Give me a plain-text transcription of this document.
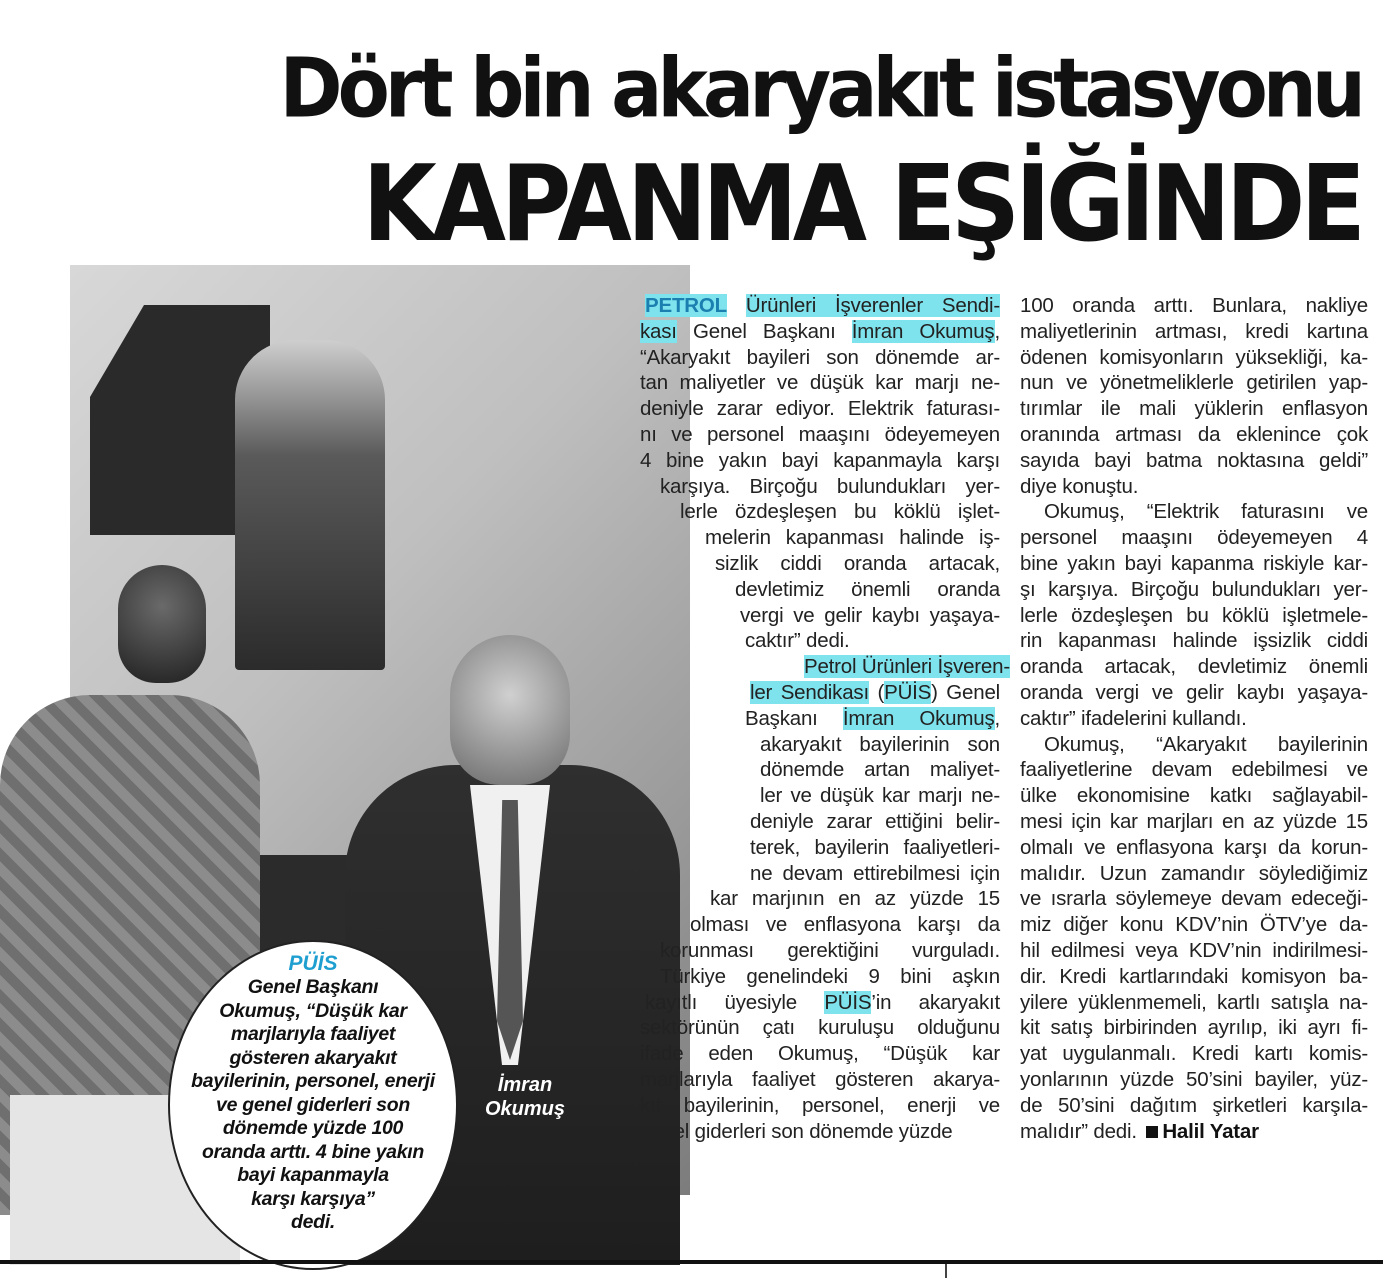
Dört bin akaryakıt istasyonu
KAPANMA EŞİĞİNDE
İmran
Okumuş
PÜİS
Genel Başkanı
Okumuş, “Düşük kar
marjlarıyla faaliyet
gösteren akaryakıt
bayilerinin, personel, enerji
ve genel giderleri son
dönemde yüzde 100
oranda arttı. 4 bine yakın
bayi kapanmayla
karşı karşıya”
dedi.
PETROL Ürünleri İşverenler Sendi-
kası Genel Başkanı İmran Okumuş,
“Akaryakıt bayileri son dönemde ar-
tan maliyetler ve düşük kar marjı ne-
deniyle zarar ediyor. Elektrik faturası-
nı ve personel maaşını ödeyemeyen
4 bine yakın bayi kapanmayla karşı
karşıya. Birçoğu bulundukları yer-
lerle özdeşleşen bu köklü işlet-
melerin kapanması halinde iş-
sizlik ciddi oranda artacak,
devletimiz önemli oranda
vergi ve gelir kaybı yaşaya-
caktır” dedi.
Petrol Ürünleri İşveren-
ler Sendikası (PÜİS) Genel
Başkanı İmran Okumuş,
akaryakıt bayilerinin son
dönemde artan maliyet-
ler ve düşük kar marjı ne-
deniyle zarar ettiğini belir-
terek, bayilerin faaliyetleri-
ne devam ettirebilmesi için
kar marjının en az yüzde 15
olması ve enflasyona karşı da
korunması gerektiğini vurguladı.
Türkiye genelindeki 9 bini aşkın
kayıtlı üyesiyle PÜİS’in akaryakıt
sektörünün çatı kuruluşu olduğunu
ifade eden Okumuş, “Düşük kar
marjlarıyla faaliyet gösteren akarya-
kıt bayilerinin, personel, enerji ve
genel giderleri son dönemde yüzde
100 oranda arttı. Bunlara, nakliye
maliyetlerinin artması, kredi kartına
ödenen komisyonların yüksekliği, ka-
nun ve yönetmeliklerle getirilen yap-
tırımlar ile mali yüklerin enflasyon
oranında artması da eklenince çok
sayıda bayi batma noktasına geldi”
diye konuştu.
Okumuş, “Elektrik faturasını ve
personel maaşını ödeyemeyen 4
bine yakın bayi kapanma riskiyle kar-
şı karşıya. Birçoğu bulundukları yer-
lerle özdeşleşen bu köklü işletmele-
rin kapanması halinde işsizlik ciddi
oranda artacak, devletimiz önemli
oranda vergi ve gelir kaybı yaşaya-
caktır” ifadelerini kullandı.
Okumuş, “Akaryakıt bayilerinin
faaliyetlerine devam edebilmesi ve
ülke ekonomisine katkı sağlayabil-
mesi için kar marjları en az yüzde 15
olmalı ve enflasyona karşı da korun-
malıdır. Uzun zamandır söylediğimiz
ve ısrarla söylemeye devam edeceği-
miz diğer konu KDV’nin ÖTV’ye da-
hil edilmesi veya KDV’nin indirilmesi-
dir. Kredi kartlarındaki komisyon ba-
yilere yüklenmemeli, kartlı satışla na-
kit satış birbirinden ayrılıp, iki ayrı fi-
yat uygulanmalı. Kredi kartı komis-
yonlarının yüzde 50’sini bayiler, yüz-
de 50’sini dağıtım şirketleri karşıla-
malıdır” dedi. Halil Yatar
